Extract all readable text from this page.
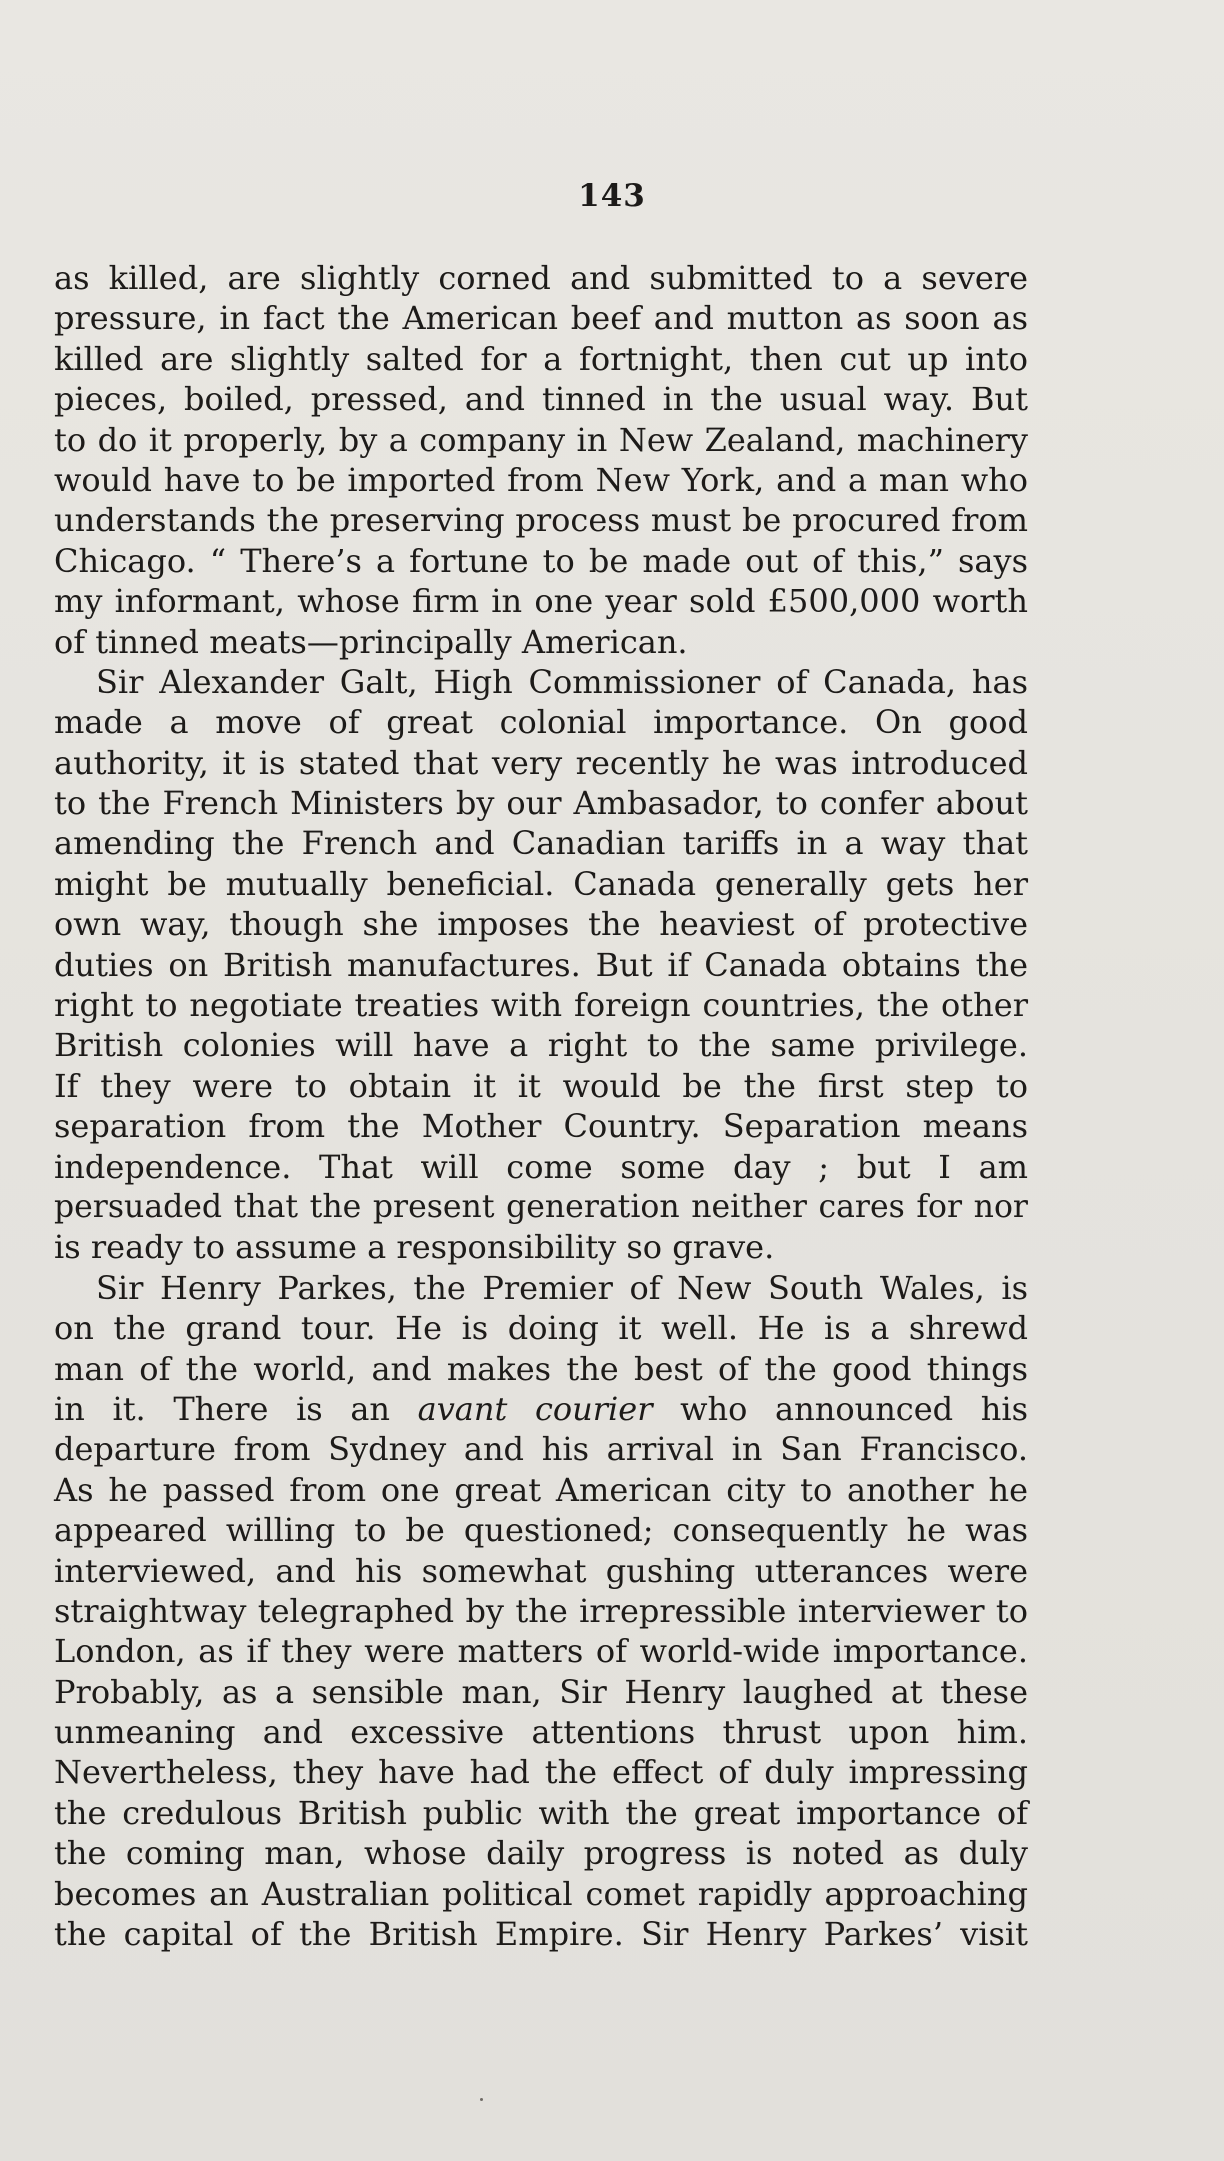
143
as killed, are slightly corned and submitted to a severe
pressure, in fact the American beef and mutton as soon as
killed are slightly salted for a fortnight, then cut up into
pieces, boiled, pressed, and tinned in the usual way. But
to do it properly, by a company in New Zealand, machinery
would have to be imported from New York, and a man who
understands the preserving process must be procured from
Chicago. “ There’s a fortune to be made out of this,” says
my informant, whose firm in one year sold £500,000 worth
of tinned meats—principally American.
Sir Alexander Galt, High Commissioner of Canada, has
made a move of great colonial importance. On good
authority, it is stated that very recently he was introduced
to the French Ministers by our Ambasador, to confer about
amending the French and Canadian tariffs in a way that
might be mutually beneficial. Canada generally gets her
own way, though she imposes the heaviest of protective
duties on British manufactures. But if Canada obtains the
right to negotiate treaties with foreign countries, the other
British colonies will have a right to the same privilege.
If they were to obtain it it would be the first step to
separation from the Mother Country. Separation means
independence. That will come some day ; but I am
persuaded that the present generation neither cares for nor
is ready to assume a responsibility so grave.
Sir Henry Parkes, the Premier of New South Wales, is
on the grand tour. He is doing it well. He is a shrewd
man of the world, and makes the best of the good things
in it. There is an avant courier who announced his
departure from Sydney and his arrival in San Francisco.
As he passed from one great American city to another he
appeared willing to be questioned; consequently he was
interviewed, and his somewhat gushing utterances were
straightway telegraphed by the irrepressible interviewer to
London, as if they were matters of world-wide importance.
Probably, as a sensible man, Sir Henry laughed at these
unmeaning and excessive attentions thrust upon him.
Nevertheless, they have had the effect of duly impressing
the credulous British public with the great importance of
the coming man, whose daily progress is noted as duly
becomes an Australian political comet rapidly approaching
the capital of the British Empire. Sir Henry Parkes’ visit
